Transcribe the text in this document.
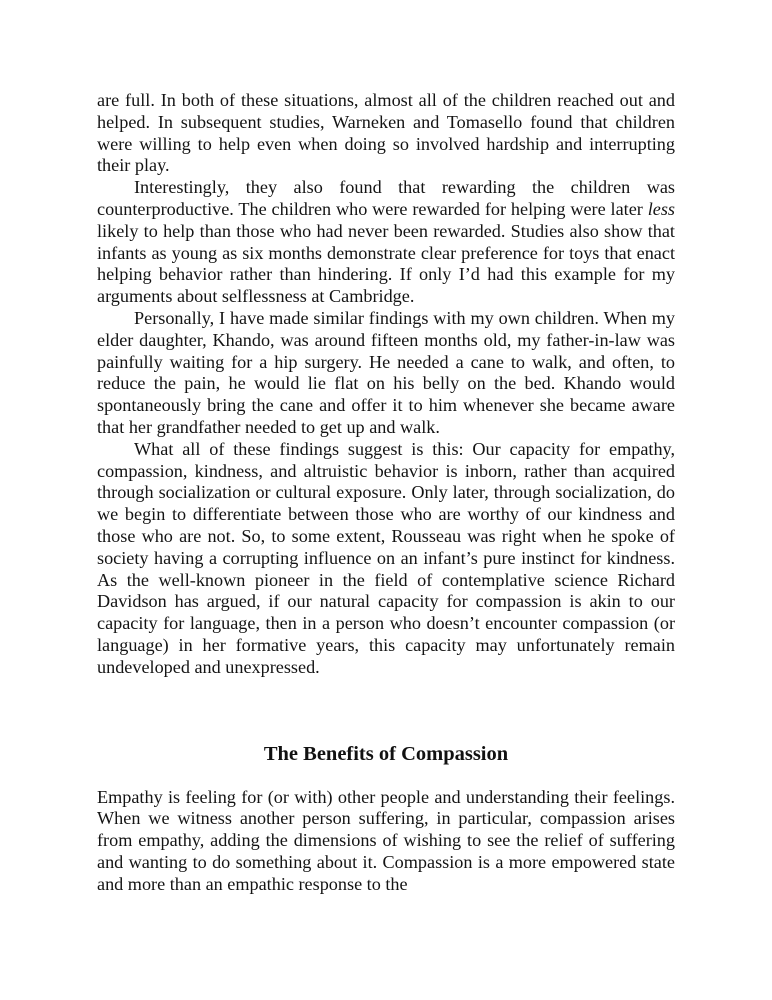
are full. In both of these situations, almost all of the children reached out and helped. In subsequent studies, Warneken and Tomasello found that children were willing to help even when doing so involved hardship and interrupting their play.

Interestingly, they also found that rewarding the children was counterproductive. The children who were rewarded for helping were later less likely to help than those who had never been rewarded. Studies also show that infants as young as six months demonstrate clear preference for toys that enact helping behavior rather than hindering. If only I’d had this example for my arguments about selflessness at Cambridge.

Personally, I have made similar findings with my own children. When my elder daughter, Khando, was around fifteen months old, my father-in-law was painfully waiting for a hip surgery. He needed a cane to walk, and often, to reduce the pain, he would lie flat on his belly on the bed. Khando would spontaneously bring the cane and offer it to him whenever she became aware that her grandfather needed to get up and walk.

What all of these findings suggest is this: Our capacity for empathy, compassion, kindness, and altruistic behavior is inborn, rather than acquired through socialization or cultural exposure. Only later, through socialization, do we begin to differentiate between those who are worthy of our kindness and those who are not. So, to some extent, Rousseau was right when he spoke of society having a corrupting influence on an infant’s pure instinct for kindness. As the well-known pioneer in the field of contemplative science Richard Davidson has argued, if our natural capacity for compassion is akin to our capacity for language, then in a person who doesn’t encounter compassion (or language) in her formative years, this capacity may unfortunately remain undeveloped and unexpressed.

The Benefits of Compassion

Empathy is feeling for (or with) other people and understanding their feelings. When we witness another person suffering, in particular, compassion arises from empathy, adding the dimensions of wishing to see the relief of suffering and wanting to do something about it. Compassion is a more empowered state and more than an empathic response to the
